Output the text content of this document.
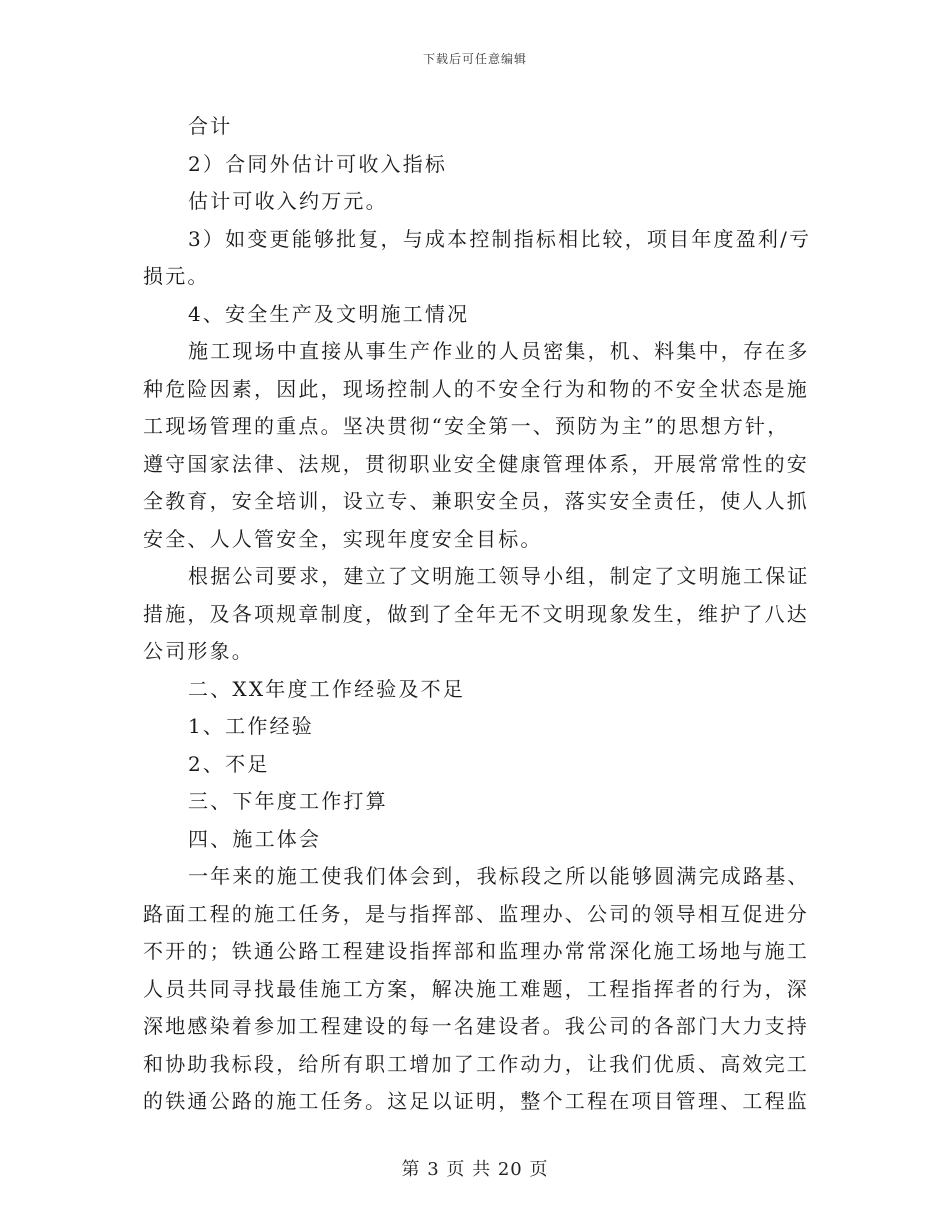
下载后可任意编辑
合计
2）合同外估计可收入指标
估计可收入约万元。
3）如变更能够批复，与成本控制指标相比较，项目年度盈利/亏
损元。
4、安全生产及文明施工情况
施工现场中直接从事生产作业的人员密集，机、料集中，存在多
种危险因素，因此，现场控制人的不安全行为和物的不安全状态是施
工现场管理的重点。坚决贯彻“安全第一、预防为主”的思想方针，
遵守国家法律、法规，贯彻职业安全健康管理体系，开展常常性的安
全教育，安全培训，设立专、兼职安全员，落实安全责任，使人人抓
安全、人人管安全，实现年度安全目标。
根据公司要求，建立了文明施工领导小组，制定了文明施工保证
措施，及各项规章制度，做到了全年无不文明现象发生，维护了八达
公司形象。
二、XX年度工作经验及不足
1、工作经验
2、不足
三、下年度工作打算
四、施工体会
一年来的施工使我们体会到，我标段之所以能够圆满完成路基、
路面工程的施工任务，是与指挥部、监理办、公司的领导相互促进分
不开的；铁通公路工程建设指挥部和监理办常常深化施工场地与施工
人员共同寻找最佳施工方案，解决施工难题，工程指挥者的行为，深
深地感染着参加工程建设的每一名建设者。我公司的各部门大力支持
和协助我标段，给所有职工增加了工作动力，让我们优质、高效完工
的铁通公路的施工任务。这足以证明，整个工程在项目管理、工程监
第 3 页 共 20 页
